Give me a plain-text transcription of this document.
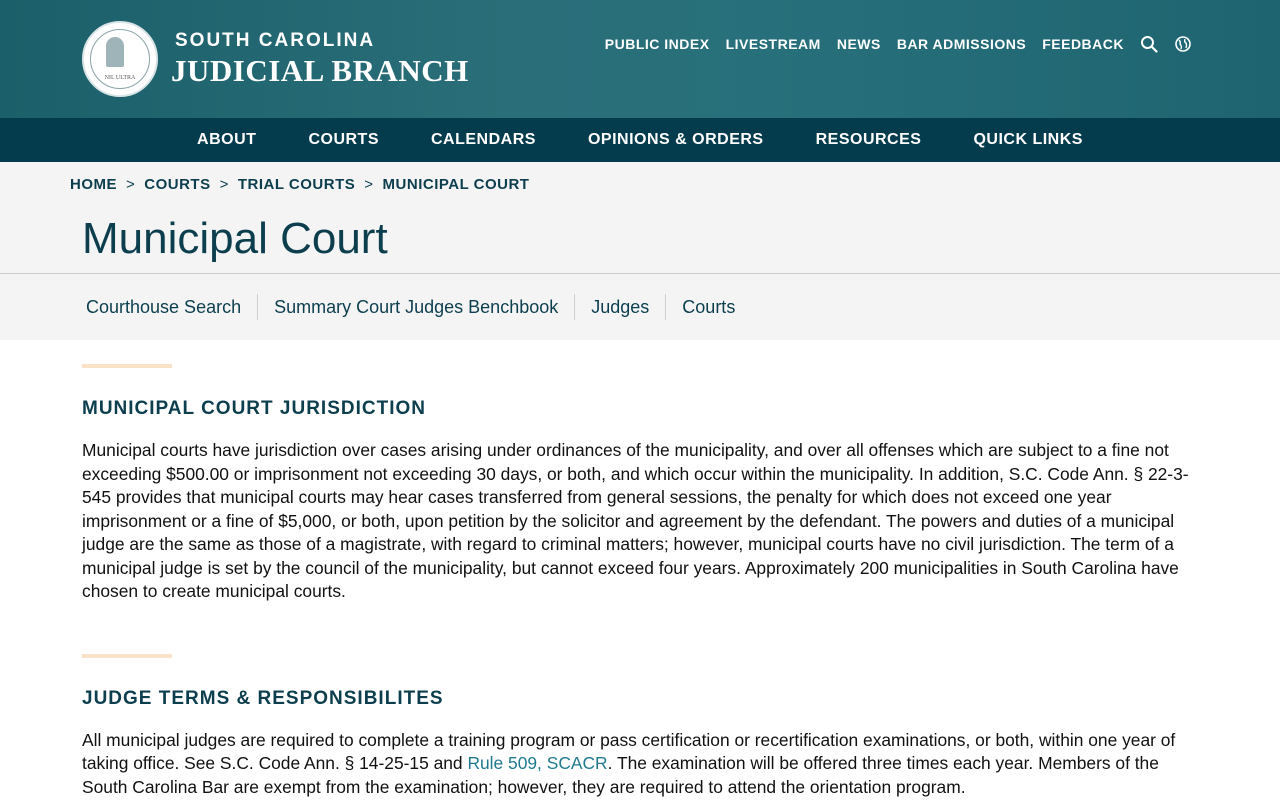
NIL ULTRA
SOUTH CAROLINA
JUDICIAL BRANCH
PUBLIC INDEX LIVESTREAM NEWS BAR ADMISSIONS FEEDBACK
ABOUT	COURTS	CALENDARS	OPINIONS & ORDERS	RESOURCES	QUICK LINKS
HOME > COURTS > TRIAL COURTS > MUNICIPAL COURT
Municipal Court
Courthouse Search	Summary Court Judges Benchbook	Judges	Courts
MUNICIPAL COURT JURISDICTION

Municipal courts have jurisdiction over cases arising under ordinances of the municipality, and over all offenses which are subject to a fine not exceeding $500.00 or imprisonment not exceeding 30 days, or both, and which occur within the municipality. In addition, S.C. Code Ann. § 22-3-545 provides that municipal courts may hear cases transferred from general sessions, the penalty for which does not exceed one year imprisonment or a fine of $5,000, or both, upon petition by the solicitor and agreement by the defendant. The powers and duties of a municipal judge are the same as those of a magistrate, with regard to criminal matters; however, municipal courts have no civil jurisdiction. The term of a municipal judge is set by the council of the municipality, but cannot exceed four years. Approximately 200 municipalities in South Carolina have chosen to create municipal courts.

JUDGE TERMS & RESPONSIBILITES

All municipal judges are required to complete a training program or pass certification or recertification examinations, or both, within one year of taking office. See S.C. Code Ann. § 14-25-15 and Rule 509, SCACR. The examination will be offered three times each year. Members of the South Carolina Bar are exempt from the examination; however, they are required to attend the orientation program.
